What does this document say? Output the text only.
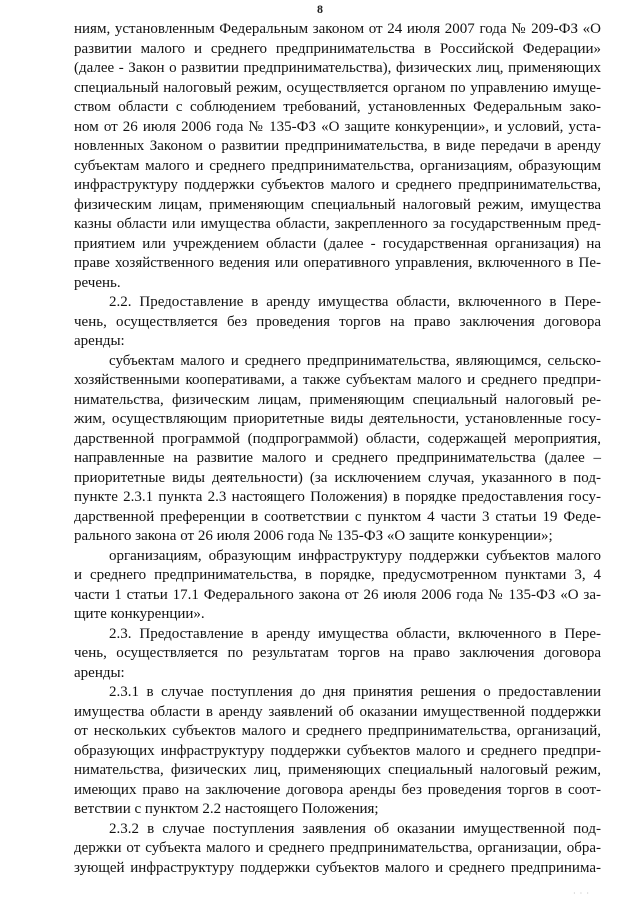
8
ниям, установленным Федеральным законом от 24 июля 2007 года № 209-ФЗ «О
развитии малого и среднего предпринимательства в Российской Федерации»
(далее - Закон о развитии предпринимательства), физических лиц, применяющих
специальный налоговый режим, осуществляется органом по управлению имуще-
ством области с соблюдением требований, установленных Федеральным зако-
ном от 26 июля 2006 года № 135-ФЗ «О защите конкуренции», и условий, уста-
новленных Законом о развитии предпринимательства, в виде передачи в аренду
субъектам малого и среднего предпринимательства, организациям, образующим
инфраструктуру поддержки субъектов малого и среднего предпринимательства,
физическим лицам, применяющим специальный налоговый режим, имущества
казны области или имущества области, закрепленного за государственным пред-
приятием или учреждением области (далее - государственная организация) на
праве хозяйственного ведения или оперативного управления, включенного в Пе-
речень.
2.2. Предоставление в аренду имущества области, включенного в Пере-
чень, осуществляется без проведения торгов на право заключения договора
аренды:
субъектам малого и среднего предпринимательства, являющимся, сельско-
хозяйственными кооперативами, а также субъектам малого и среднего предпри-
нимательства, физическим лицам, применяющим специальный налоговый ре-
жим, осуществляющим приоритетные виды деятельности, установленные госу-
дарственной программой (подпрограммой) области, содержащей мероприятия,
направленные на развитие малого и среднего предпринимательства (далее –
приоритетные виды деятельности) (за исключением случая, указанного в под-
пункте 2.3.1 пункта 2.3 настоящего Положения) в порядке предоставления госу-
дарственной преференции в соответствии с пунктом 4 части 3 статьи 19 Феде-
рального закона от 26 июля 2006 года № 135-ФЗ «О защите конкуренции»;
организациям, образующим инфраструктуру поддержки субъектов малого
и среднего предпринимательства, в порядке, предусмотренном пунктами 3, 4
части 1 статьи 17.1 Федерального закона от 26 июля 2006 года № 135-ФЗ «О за-
щите конкуренции».
2.3. Предоставление в аренду имущества области, включенного в Пере-
чень, осуществляется по результатам торгов на право заключения договора
аренды:
2.3.1 в случае поступления до дня принятия решения о предоставлении
имущества области в аренду заявлений об оказании имущественной поддержки
от нескольких субъектов малого и среднего предпринимательства, организаций,
образующих инфраструктуру поддержки субъектов малого и среднего предпри-
нимательства, физических лиц, применяющих специальный налоговый режим,
имеющих право на заключение договора аренды без проведения торгов в соот-
ветствии с пунктом 2.2 настоящего Положения;
2.3.2 в случае поступления заявления об оказании имущественной под-
держки от субъекта малого и среднего предпринимательства, организации, обра-
зующей инфраструктуру поддержки субъектов малого и среднего предпринима-
· · ·
